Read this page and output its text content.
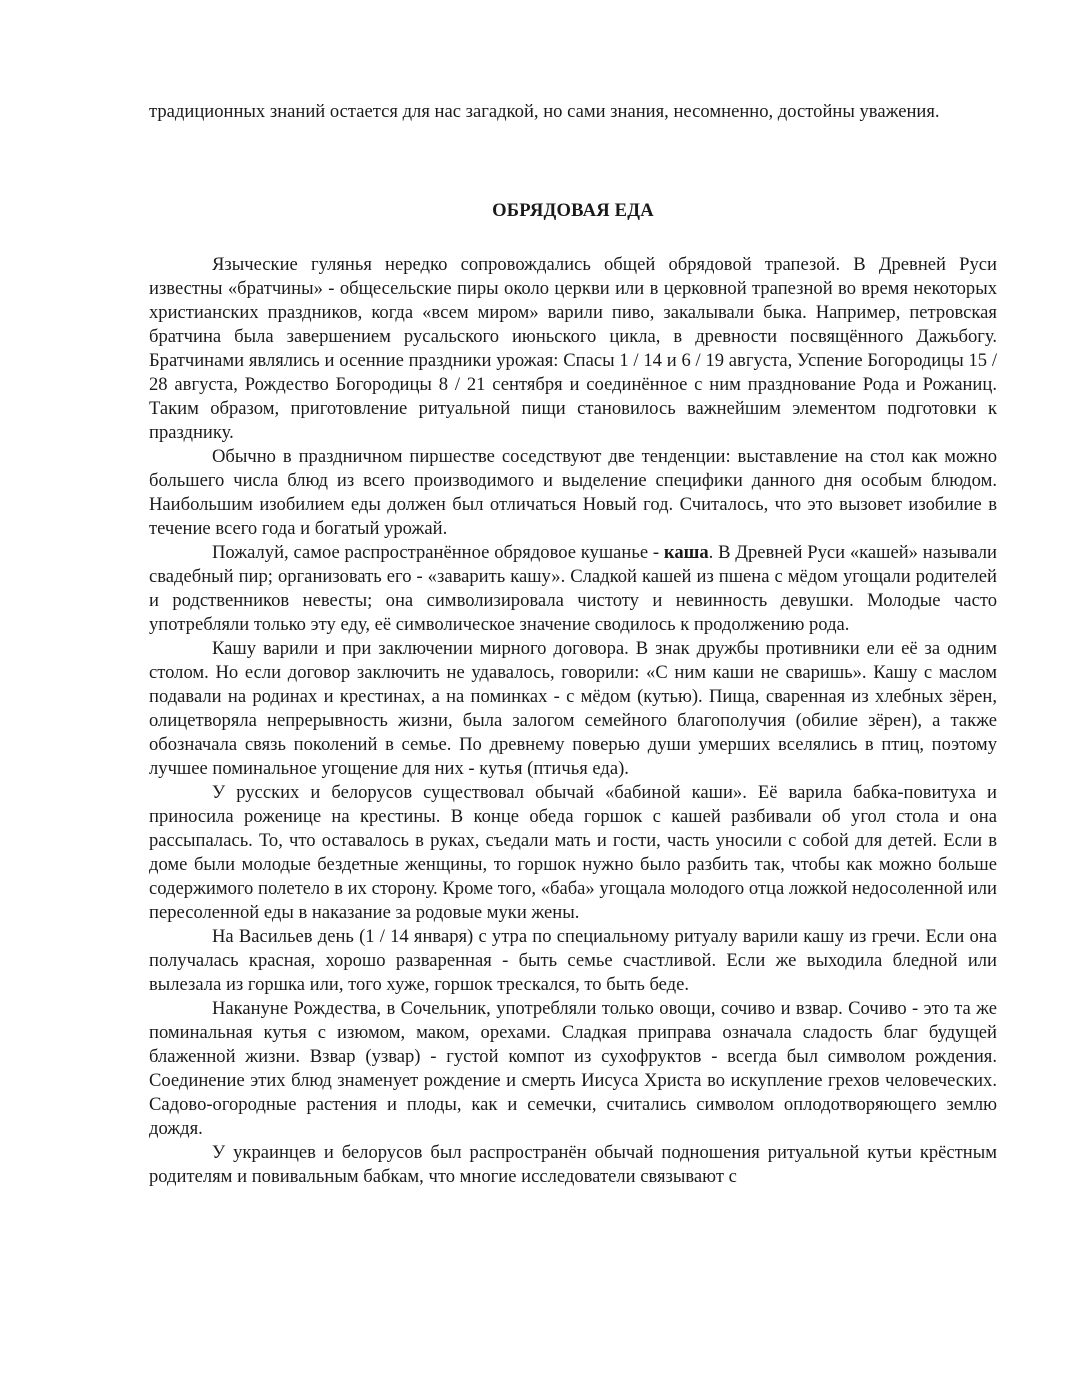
традиционных знаний остается для нас загадкой, но сами знания, несомненно, достойны уважения.

ОБРЯДОВАЯ ЕДА

Языческие гулянья нередко сопровождались общей обрядовой трапезой. В Древней Руси известны «братчины» - общесельские пиры около церкви или в церковной трапезной во время некоторых христианских праздников, когда «всем миром» варили пиво, закалывали быка. Например, петровская братчина была завершением русальского июньского цикла, в древности посвящённого Дажьбогу. Братчинами являлись и осенние праздники урожая: Спасы 1 / 14 и 6 / 19 августа, Успение Богородицы 15 / 28 августа, Рождество Богородицы 8 / 21 сентября и соединённое с ним празднование Рода и Рожаниц. Таким образом, приготовление ритуальной пищи становилось важнейшим элементом подготовки к празднику.

Обычно в праздничном пиршестве соседствуют две тенденции: выставление на стол как можно большего числа блюд из всего производимого и выделение специфики данного дня особым блюдом. Наибольшим изобилием еды должен был отличаться Новый год. Считалось, что это вызовет изобилие в течение всего года и богатый урожай.

Пожалуй, самое распространённое обрядовое кушанье - каша. В Древней Руси «кашей» называли свадебный пир; организовать его - «заварить кашу». Сладкой кашей из пшена с мёдом угощали родителей и родственников невесты; она символизировала чистоту и невинность девушки. Молодые часто употребляли только эту еду, её символическое значение сводилось к продолжению рода.

Кашу варили и при заключении мирного договора. В знак дружбы противники ели её за одним столом. Но если договор заключить не удавалось, говорили: «С ним каши не сваришь». Кашу с маслом подавали на родинах и крестинах, а на поминках - с мёдом (кутью). Пища, сваренная из хлебных зёрен, олицетворяла непрерывность жизни, была залогом семейного благополучия (обилие зёрен), а также обозначала связь поколений в семье. По древнему поверью души умерших вселялись в птиц, поэтому лучшее поминальное угощение для них - кутья (птичья еда).

У русских и белорусов существовал обычай «бабиной каши». Её варила бабка-повитуха и приносила роженице на крестины. В конце обеда горшок с кашей разбивали об угол стола и она рассыпалась. То, что оставалось в руках, съедали мать и гости, часть уносили с собой для детей. Если в доме были молодые бездетные женщины, то горшок нужно было разбить так, чтобы как можно больше содержимого полетело в их сторону. Кроме того, «баба» угощала молодого отца ложкой недосоленной или пересоленной еды в наказание за родовые муки жены.

На Васильев день (1 / 14 января) с утра по специальному ритуалу варили кашу из гречи. Если она получалась красная, хорошо разваренная - быть семье счастливой. Если же выходила бледной или вылезала из горшка или, того хуже, горшок трескался, то быть беде.

Накануне Рождества, в Сочельник, употребляли только овощи, сочиво и взвар. Сочиво - это та же поминальная кутья с изюмом, маком, орехами. Сладкая приправа означала сладость благ будущей блаженной жизни. Взвар (узвар) - густой компот из сухофруктов - всегда был символом рождения. Соединение этих блюд знаменует рождение и смерть Иисуса Христа во искупление грехов человеческих. Садово-огородные растения и плоды, как и семечки, считались символом оплодотворяющего землю дождя.

У украинцев и белорусов был распространён обычай подношения ритуальной кутьи крёстным родителям и повивальным бабкам, что многие исследователи связывают с
